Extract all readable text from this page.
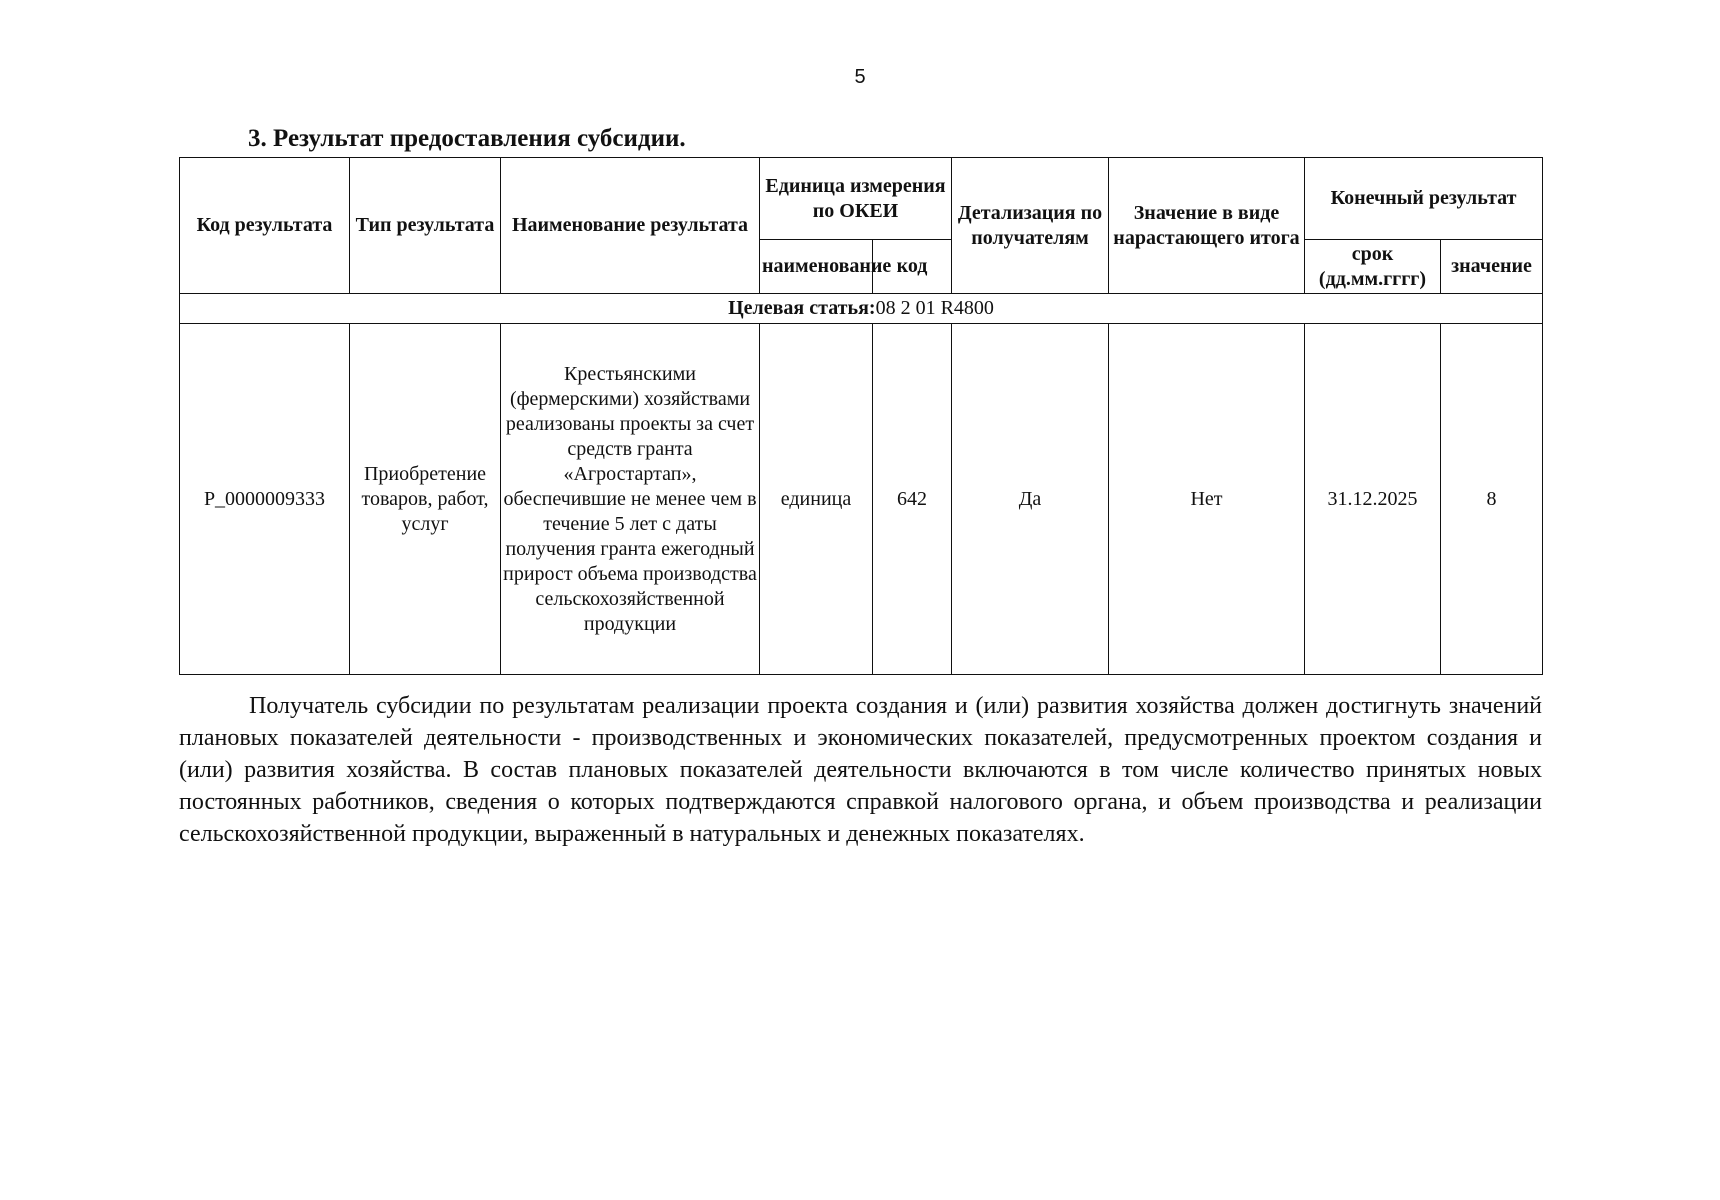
5
3. Результат предоставления субсидии.
Код результата	Тип результата	Наименование результата	Единица измерения по ОКЕИ		Детализация по получателям	Значение в виде нарастающего итога	Конечный результат	
			наименование	код			срок (дд.мм.гггг)	значение
Целевая статья:08 2 01 R4800								
P_0000009333	Приобретение товаров, работ, услуг	Крестьянскими (фермерскими) хозяйствами реализованы проекты за счет средств гранта «Агростартап», обеспечившие не менее чем в течение 5 лет с даты получения гранта ежегодный прирост объема производства сельскохозяйственной продукции	единица	642	Да	Нет	31.12.2025	8

Получатель субсидии по результатам реализации проекта создания и (или) развития хозяйства должен достигнуть значений плановых показателей деятельности - производственных и экономических показателей, предусмотренных проектом создания и (или) развития хозяйства. В состав плановых показателей деятельности включаются в том числе количество принятых новых постоянных работников, сведения о которых подтверждаются справкой налогового органа, и объем производства и реализации сельскохозяйственной продукции, выраженный в натуральных и денежных показателях.
